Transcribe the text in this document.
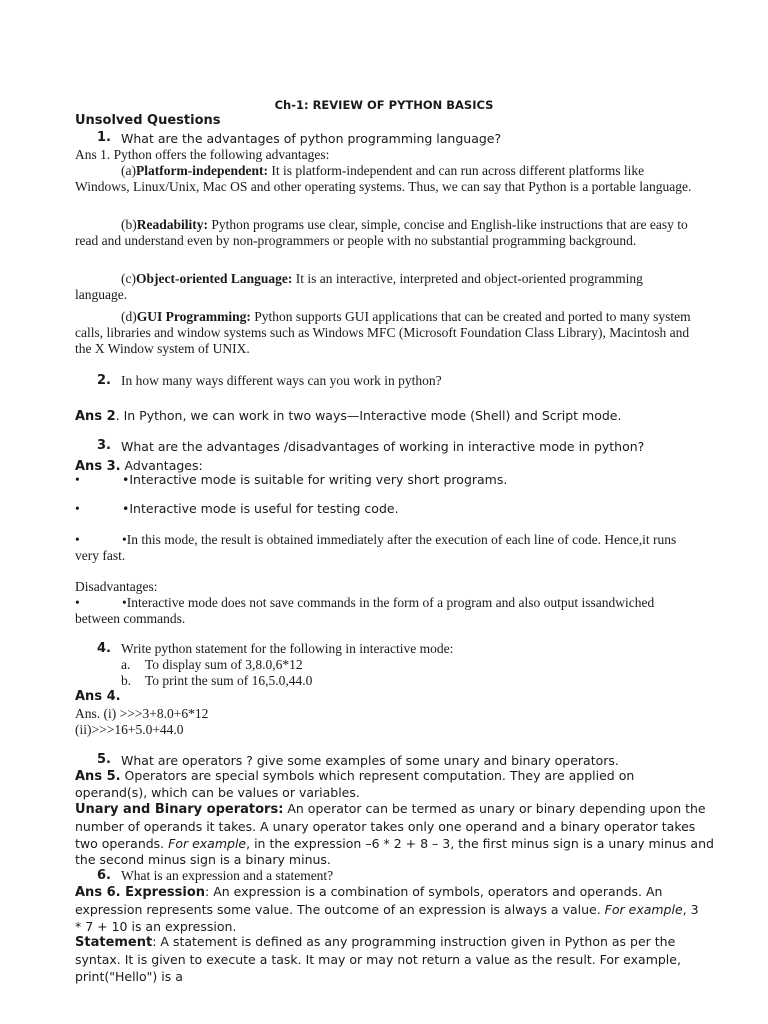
Ch-1: REVIEW OF PYTHON BASICS
Unsolved Questions
1. What are the advantages of python programming language?
Ans 1. Python offers the following advantages:
(a)Platform-independent: It is platform-independent and can run across different platforms like Windows, Linux/Unix, Mac OS and other operating systems. Thus, we can say that Python is a portable language.
(b)Readability: Python programs use clear, simple, concise and English-like instructions that are easy to read and understand even by non-programmers or people with no substantial programming background.
(c)Object-oriented Language: It is an interactive, interpreted and object-oriented programming language.
(d)GUI Programming: Python supports GUI applications that can be created and ported to many system calls, libraries and window systems such as Windows MFC (Microsoft Foundation Class Library), Macintosh and the X Window system of UNIX.
2. In how many ways different ways can you work in python?
Ans 2. In Python, we can work in two ways—Interactive mode (Shell) and Script mode.
3. What are the advantages /disadvantages of working in interactive mode in python?
Ans 3. Advantages:
•	•Interactive mode is suitable for writing very short programs.
•	•Interactive mode is useful for testing code.
•	•In this mode, the result is obtained immediately after the execution of each line of code. Hence,it runs very fast.
Disadvantages:
•	•Interactive mode does not save commands in the form of a program and also output issandwiched between commands.
4. Write python statement for the following in interactive mode:
a. To display sum of 3,8.0,6*12
b. To print the sum of 16,5.0,44.0
Ans 4.
Ans. (i) >>>3+8.0+6*12
(ii)>>>16+5.0+44.0
5. What are operators ? give some examples of some unary and binary operators.
Ans 5. Operators are special symbols which represent computation. They are applied on operand(s), which can be values or variables.
Unary and Binary operators: An operator can be termed as unary or binary depending upon the number of operands it takes. A unary operator takes only one operand and a binary operator takes two operands. For example, in the expression –6 * 2 + 8 – 3, the first minus sign is a unary minus and the second minus sign is a binary minus.
6. What is an expression and a statement?
Ans 6. Expression: An expression is a combination of symbols, operators and operands. An expression represents some value. The outcome of an expression is always a value. For example, 3 * 7 + 10 is an expression.
Statement: A statement is defined as any programming instruction given in Python as per the syntax. It is given to execute a task. It may or may not return a value as the result. For example, print("Hello") is a
